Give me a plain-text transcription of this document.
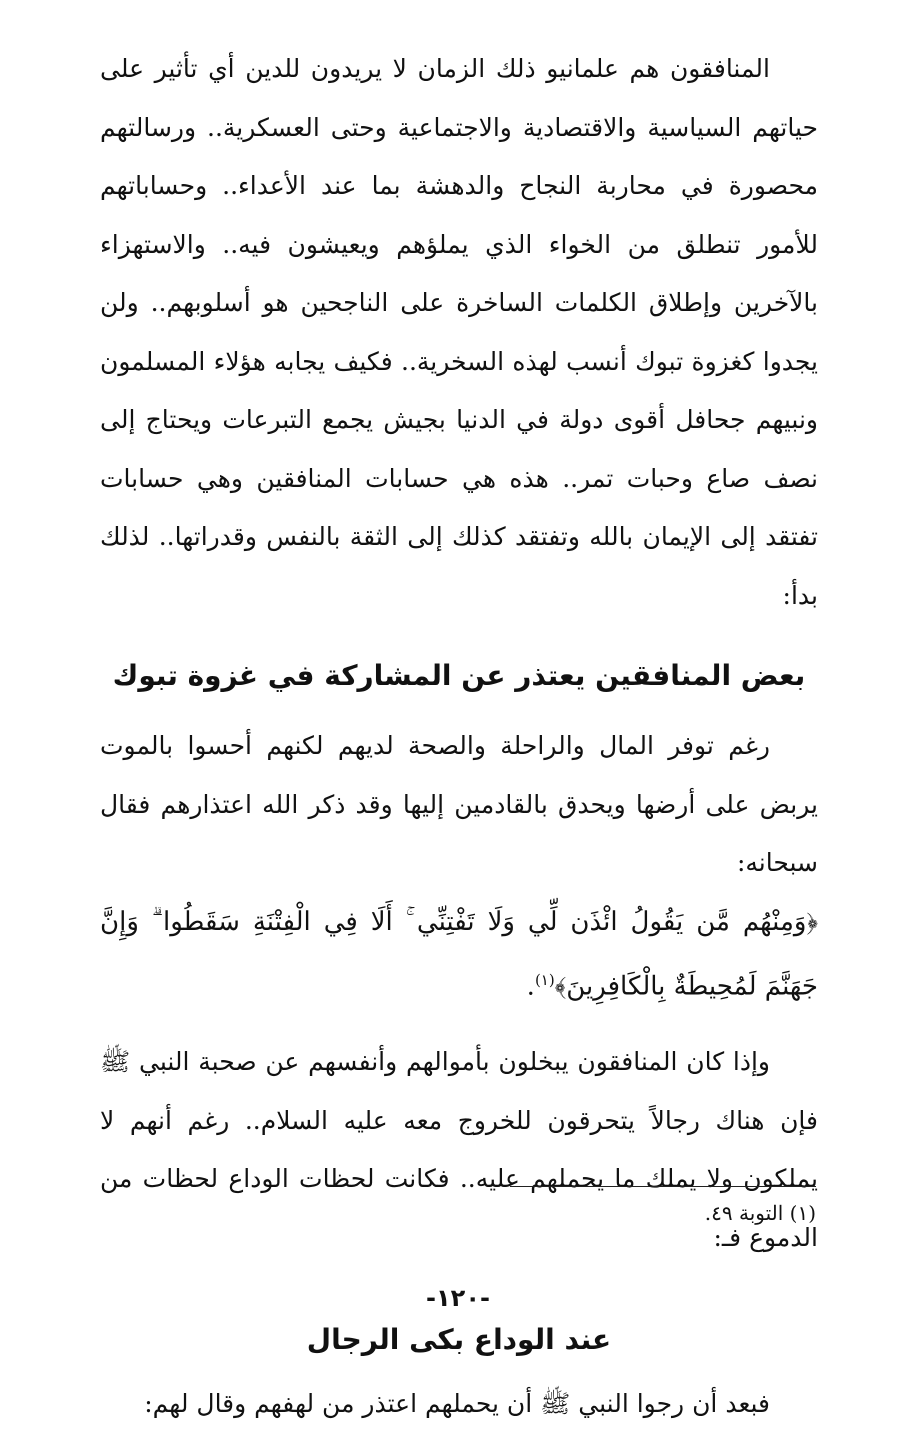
المنافقون هم علمانيو ذلك الزمان لا يريدون للدين أي تأثير على حياتهم السياسية والاقتصادية والاجتماعية وحتى العسكرية.. ورسالتهم محصورة في محاربة النجاح والدهشة بما عند الأعداء.. وحساباتهم للأمور تنطلق من الخواء الذي يملؤهم ويعيشون فيه.. والاستهزاء بالآخرين وإطلاق الكلمات الساخرة على الناجحين هو أسلوبهم.. ولن يجدوا كغزوة تبوك أنسب لهذه السخرية.. فكيف يجابه هؤلاء المسلمون ونبيهم جحافل أقوى دولة في الدنيا بجيش يجمع التبرعات ويحتاج إلى نصف صاع وحبات تمر.. هذه هي حسابات المنافقين وهي حسابات تفتقد إلى الإيمان بالله وتفتقد كذلك إلى الثقة بالنفس وقدراتها.. لذلك بدأ:

بعض المنافقين يعتذر عن المشاركة في غزوة تبوك

رغم توفر المال والراحلة والصحة لديهم لكنهم أحسوا بالموت يربض على أرضها ويحدق بالقادمين إليها وقد ذكر الله اعتذارهم فقال سبحانه:

﴿وَمِنْهُم مَّن يَقُولُ ائْذَن لِّي وَلَا تَفْتِنِّي ۚ أَلَا فِي الْفِتْنَةِ سَقَطُوا ۗ وَإِنَّ جَهَنَّمَ لَمُحِيطَةٌ بِالْكَافِرِينَ﴾$^{(١)}$.

وإذا كان المنافقون يبخلون بأموالهم وأنفسهم عن صحبة النبي ﷺ فإن هناك رجالاً يتحرقون للخروج معه عليه السلام.. رغم أنهم لا يملكون ولا يملك ما يحملهم عليه.. فكانت لحظات الوداع لحظات من الدموع فـ:

عند الوداع بكى الرجال

فبعد أن رجوا النبي ﷺ أن يحملهم اعتذر من لهفهم وقال لهم:

(١) التوبة ٤٩.
-١٢٠-
